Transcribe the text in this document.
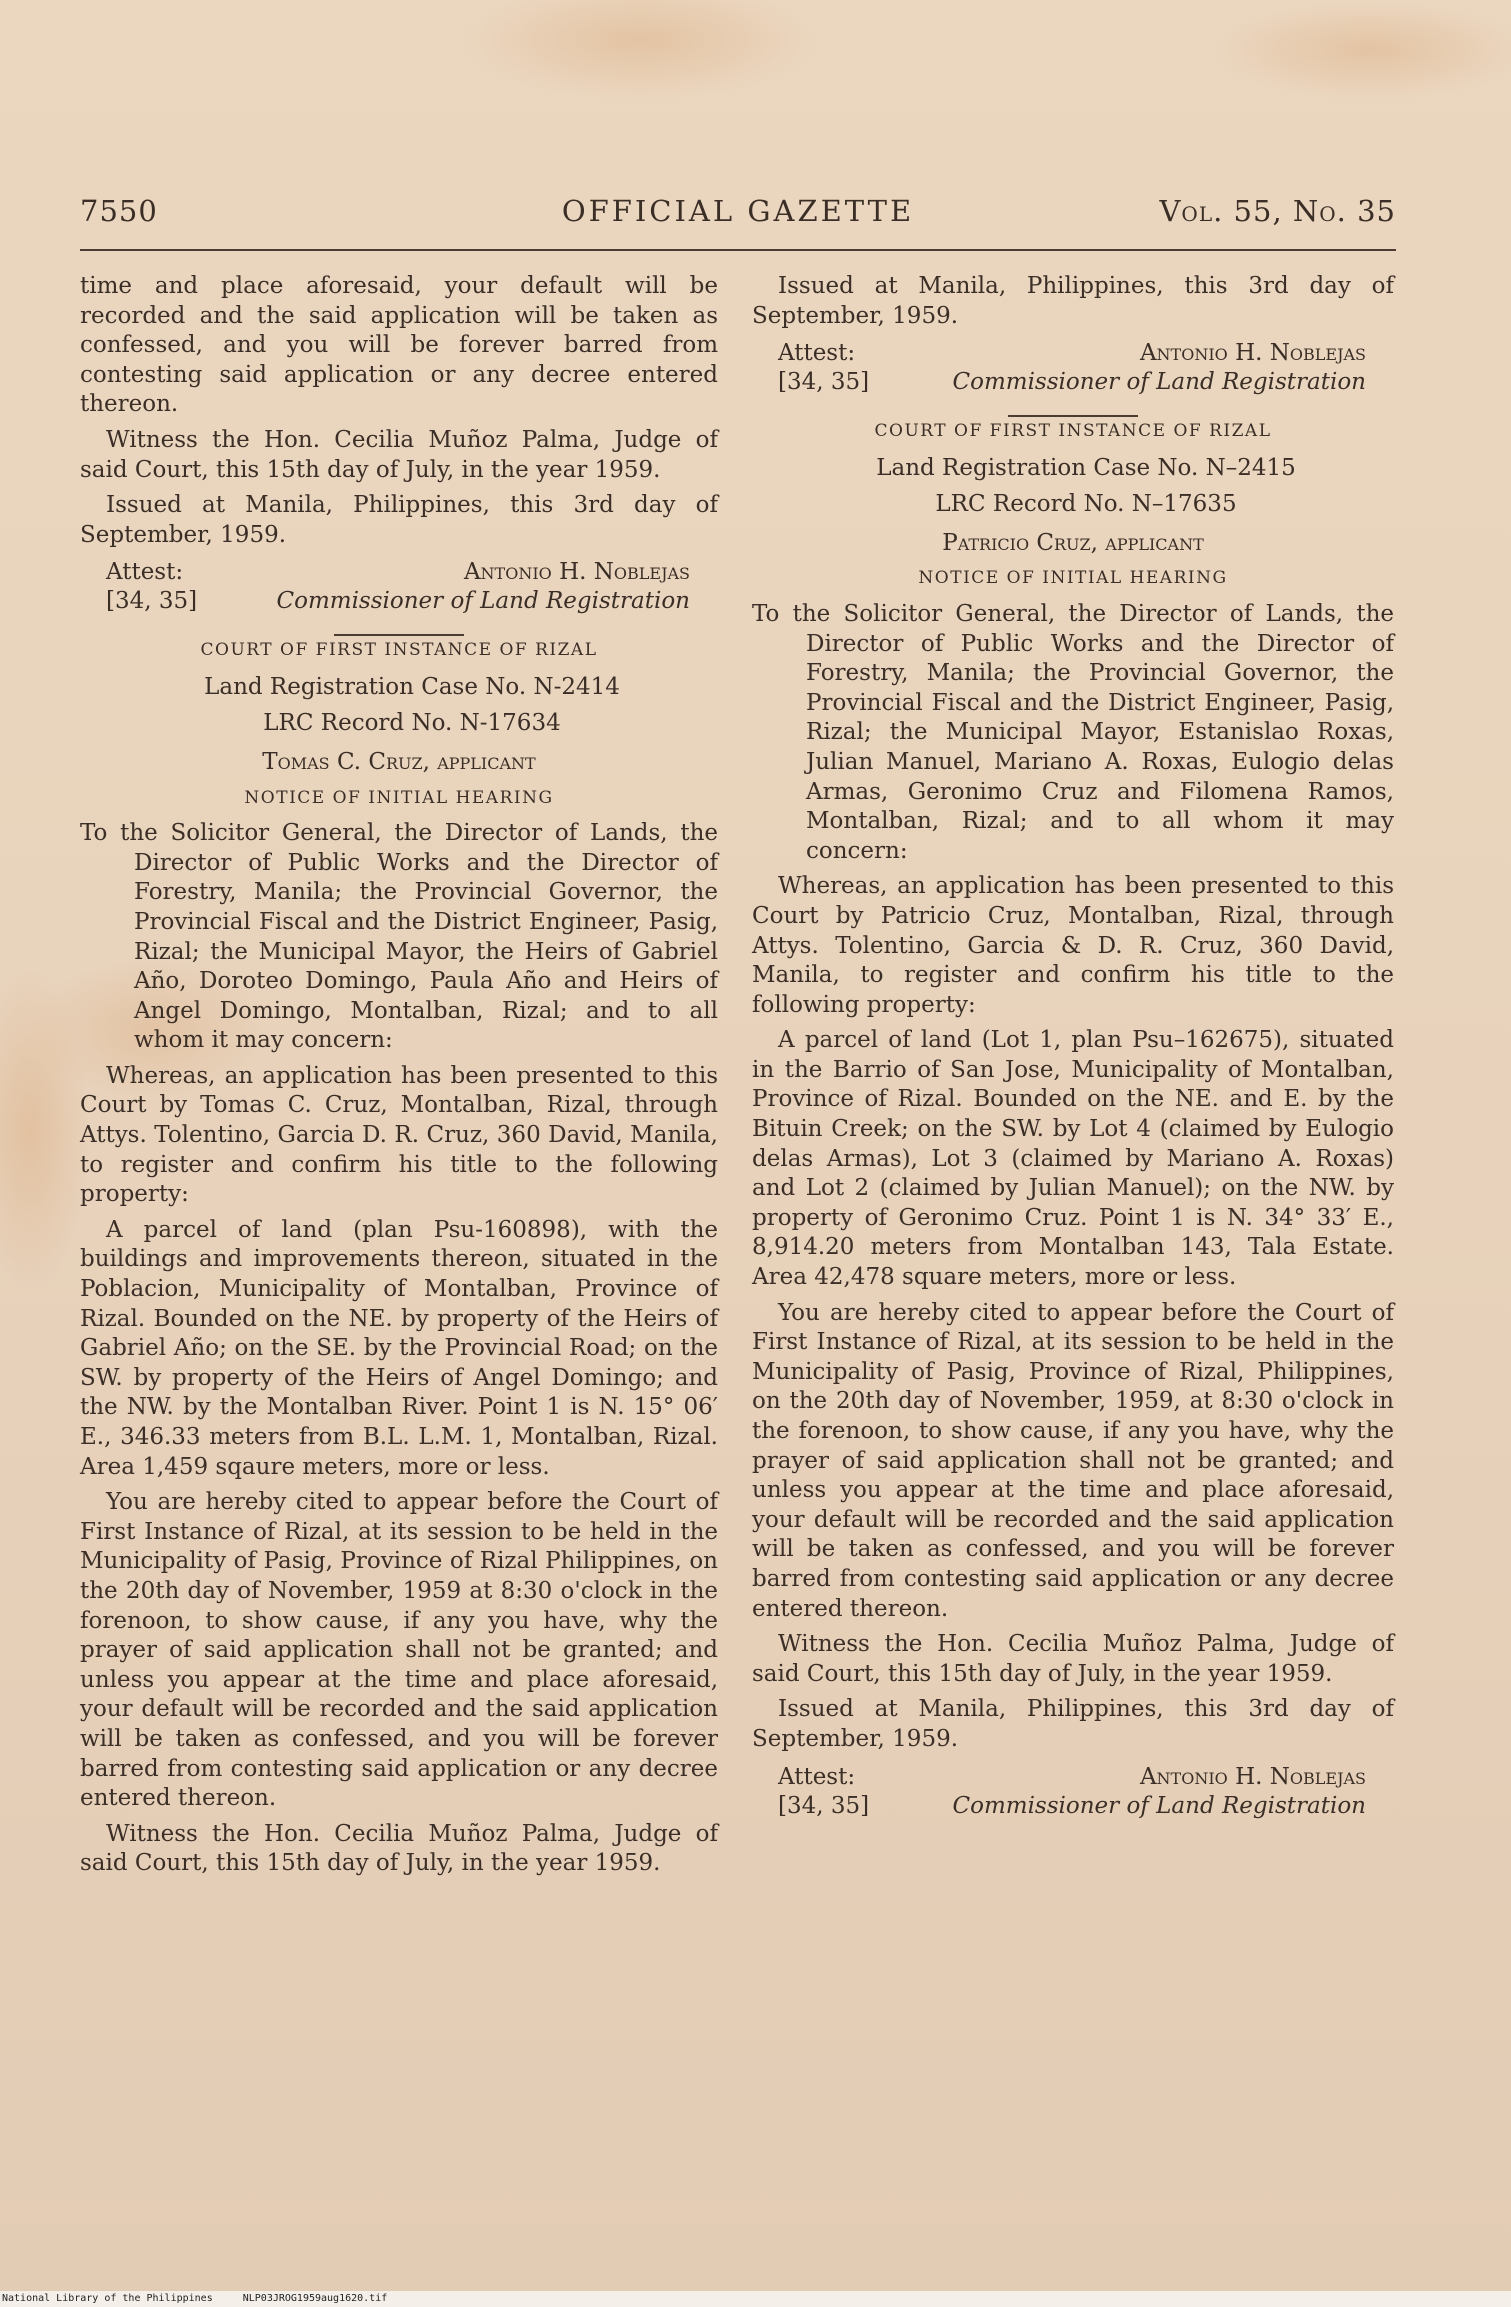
7550	OFFICIAL GAZETTE	Vol. 55, No. 35

time and place aforesaid, your default will be recorded and the said application will be taken as confessed, and you will be forever barred from contesting said application or any decree entered thereon.

Witness the Hon. Cecilia Muñoz Palma, Judge of said Court, this 15th day of July, in the year 1959.

Issued at Manila, Philippines, this 3rd day of September, 1959.

Attest:
[34, 35]
Antonio H. Noblejas
Commissioner of Land Registration

COURT OF FIRST INSTANCE OF RIZAL

Land Registration Case No. N-2414

LRC Record No. N-17634

Tomas C. Cruz, applicant

NOTICE OF INITIAL HEARING

To the Solicitor General, the Director of Lands, the Director of Public Works and the Director of Forestry, Manila; the Provincial Governor, the Provincial Fiscal and the District Engineer, Pasig, Rizal; the Municipal Mayor, the Heirs of Gabriel Año, Doroteo Domingo, Paula Año and Heirs of Angel Domingo, Montalban, Rizal; and to all whom it may concern:

Whereas, an application has been presented to this Court by Tomas C. Cruz, Montalban, Rizal, through Attys. Tolentino, Garcia D. R. Cruz, 360 David, Manila, to register and confirm his title to the following property:

A parcel of land (plan Psu-160898), with the buildings and improvements thereon, situated in the Poblacion, Municipality of Montalban, Province of Rizal. Bounded on the NE. by property of the Heirs of Gabriel Año; on the SE. by the Provincial Road; on the SW. by property of the Heirs of Angel Domingo; and the NW. by the Montalban River. Point 1 is N. 15° 06′ E., 346.33 meters from B.L. L.M. 1, Montalban, Rizal. Area 1,459 sqaure meters, more or less.

You are hereby cited to appear before the Court of First Instance of Rizal, at its session to be held in the Municipality of Pasig, Province of Rizal Philippines, on the 20th day of November, 1959 at 8:30 o'clock in the forenoon, to show cause, if any you have, why the prayer of said application shall not be granted; and unless you appear at the time and place aforesaid, your default will be recorded and the said application will be taken as confessed, and you will be forever barred from contesting said application or any decree entered thereon.

Witness the Hon. Cecilia Muñoz Palma, Judge of said Court, this 15th day of July, in the year 1959.

Issued at Manila, Philippines, this 3rd day of September, 1959.

Attest:
[34, 35]
Antonio H. Noblejas
Commissioner of Land Registration

COURT OF FIRST INSTANCE OF RIZAL

Land Registration Case No. N–2415

LRC Record No. N–17635

Patricio Cruz, applicant

NOTICE OF INITIAL HEARING

To the Solicitor General, the Director of Lands, the Director of Public Works and the Director of Forestry, Manila; the Provincial Governor, the Provincial Fiscal and the District Engineer, Pasig, Rizal; the Municipal Mayor, Estanislao Roxas, Julian Manuel, Mariano A. Roxas, Eulogio delas Armas, Geronimo Cruz and Filomena Ramos, Montalban, Rizal; and to all whom it may concern:

Whereas, an application has been presented to this Court by Patricio Cruz, Montalban, Rizal, through Attys. Tolentino, Garcia & D. R. Cruz, 360 David, Manila, to register and confirm his title to the following property:

A parcel of land (Lot 1, plan Psu–162675), situated in the Barrio of San Jose, Municipality of Montalban, Province of Rizal. Bounded on the NE. and E. by the Bituin Creek; on the SW. by Lot 4 (claimed by Eulogio delas Armas), Lot 3 (claimed by Mariano A. Roxas) and Lot 2 (claimed by Julian Manuel); on the NW. by property of Geronimo Cruz. Point 1 is N. 34° 33′ E., 8,914.20 meters from Montalban 143, Tala Estate. Area 42,478 square meters, more or less.

You are hereby cited to appear before the Court of First Instance of Rizal, at its session to be held in the Municipality of Pasig, Province of Rizal, Philippines, on the 20th day of November, 1959, at 8:30 o'clock in the forenoon, to show cause, if any you have, why the prayer of said application shall not be granted; and unless you appear at the time and place aforesaid, your default will be recorded and the said application will be taken as confessed, and you will be forever barred from contesting said application or any decree entered thereon.

Witness the Hon. Cecilia Muñoz Palma, Judge of said Court, this 15th day of July, in the year 1959.

Issued at Manila, Philippines, this 3rd day of September, 1959.

Attest:
[34, 35]
Antonio H. Noblejas
Commissioner of Land Registration
National Library of the Philippines	NLP03JROG1959aug1620.tif
